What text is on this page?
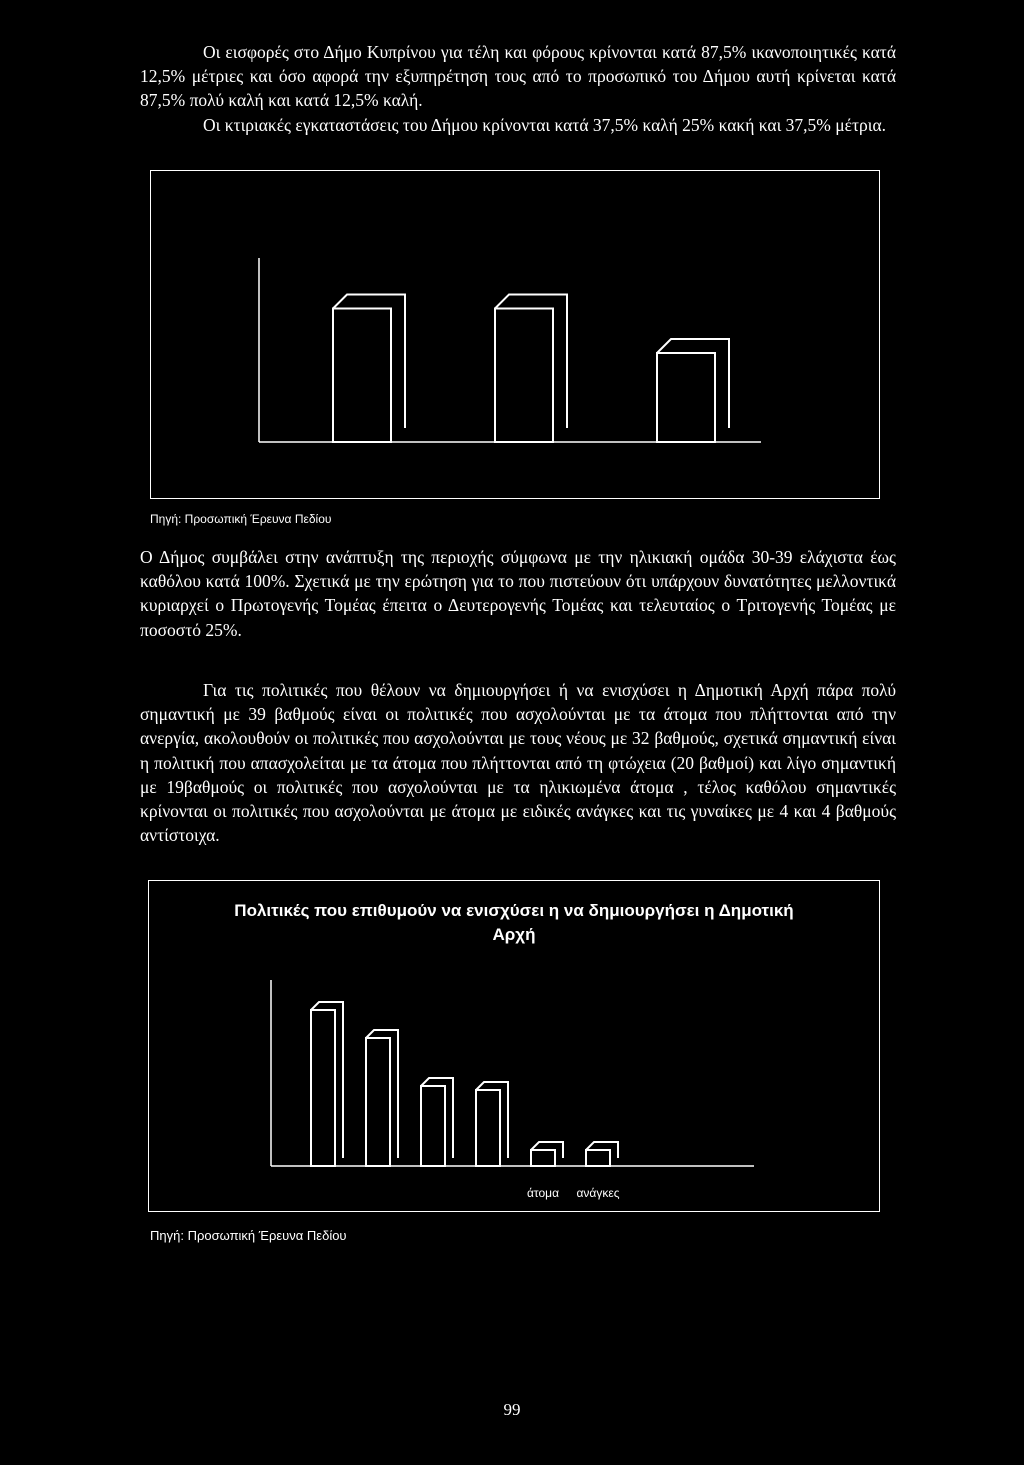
Οι εισφορές στο Δήμο Κυπρίνου για τέλη και φόρους κρίνονται κατά 87,5% ικανοποιητικές κατά 12,5% μέτριες και όσο αφορά την εξυπηρέτηση τους από το προσωπικό του Δήμου αυτή κρίνεται κατά 87,5% πολύ καλή και κατά 12,5% καλή.

Οι κτιριακές εγκαταστάσεις του Δήμου κρίνονται κατά 37,5% καλή 25% κακή και 37,5% μέτρια.

Πηγή: Προσωπική Έρευνα Πεδίου

Ο Δήμος συμβάλει στην ανάπτυξη της περιοχής σύμφωνα με την ηλικιακή ομάδα 30-39 ελάχιστα έως καθόλου κατά 100%. Σχετικά με την ερώτηση για το που πιστεύουν ότι υπάρχουν δυνατότητες μελλοντικά κυριαρχεί ο Πρωτογενής Τομέας έπειτα ο Δευτερογενής Τομέας και τελευταίος ο Τριτογενής Τομέας με ποσοστό 25%.

Για τις πολιτικές που θέλουν να δημιουργήσει ή να ενισχύσει η Δημοτική Αρχή πάρα πολύ σημαντική με 39 βαθμούς είναι οι πολιτικές που ασχολούνται με τα άτομα που πλήττονται από την ανεργία, ακολουθούν οι πολιτικές που ασχολούνται με τους νέους με 32 βαθμούς, σχετικά σημαντική είναι η πολιτική που απασχολείται με τα άτομα που πλήττονται από τη φτώχεια (20 βαθμοί) και λίγο σημαντική με 19βαθμούς οι πολιτικές που ασχολούνται με τα ηλικιωμένα άτομα , τέλος καθόλου σημαντικές κρίνονται οι πολιτικές που ασχολούνται με άτομα με ειδικές ανάγκες και τις γυναίκες με 4 και 4 βαθμούς αντίστοιχα.

Πολιτικές που επιθυμούν να ενισχύσει η να δημιουργήσει η Δημοτική Αρχή
άτομα ανάγκες
Πηγή: Προσωπική Έρευνα Πεδίου
99
